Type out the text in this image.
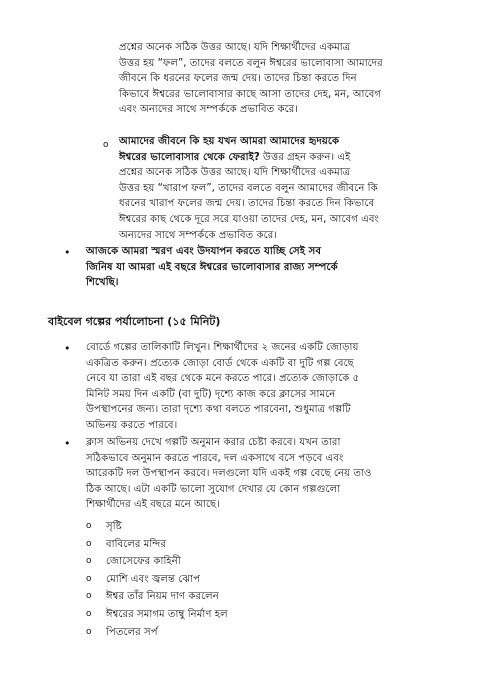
প্রশ্নের অনেক সঠিক উত্তর আছে। যদি শিক্ষার্থীদের একমাত্র
উত্তর হয় “ফল”, তাদের বলতে বলুন ঈশ্বরের ভালোবাসা আমাদের
জীবনে কি ধরনের ফলের জন্ম দেয়। তাদের চিন্তা করতে দিন
কিভাবে ঈশ্বরের ভালোবাসার কাছে আসা তাদের দেহ, মন, আবেগ
এবং অন্যদের সাথে সম্পর্ককে প্রভাবিত করে।
o আমাদের জীবনে কি হয় যখন আমরা আমাদের হৃদয়কে
ঈশ্বরের ভালোবাসার থেকে ফেরাই? উত্তর গ্রহন করুন। এই
প্রশ্নের অনেক সঠিক উত্তর আছে। যদি শিক্ষার্থীদের একমাত্র
উত্তর হয় “খারাপ ফল”, তাদের বলতে বলুন আমাদের জীবনে কি
ধরনের খারাপ ফলের জন্ম দেয়। তাদের চিন্তা করতে দিন কিভাবে
ঈশ্বরের কাছ থেকে দূরে সরে যাওয়া তাদের দেহ, মন, আবেগ এবং
অন্যদের সাথে সম্পর্ককে প্রভাবিত করে।
• আজকে আমরা স্মরণ এবং উদযাপন করতে যাচ্ছি সেই সব
জিনিষ যা আমরা এই বছরে ঈশ্বরের ভালোবাসার রাজ্য সম্পর্কে
শিখেছি।
বাইবেল গল্পের পর্যালোচনা (১৫ মিনিট)
• বোর্ডে গল্পের তালিকাটি লিখুন। শিক্ষার্থীদের ২ জনের একটি জোড়ায়
একত্রিত করুন। প্রত্যেক জোড়া বোর্ড থেকে একটি বা দুটি গল্প বেছে
নেবে যা তারা এই বছর থেকে মনে করতে পারে। প্রত্যেক জোড়াকে ৫
মিনিট সময় দিন একটি (বা দুটি) দৃশ্যে কাজ করে ক্লাসের সামনে
উপস্থাপনের জন্য। তারা দৃশ্যে কথা বলতে পারবেনা, শুধুমাত্র গল্পটি
অভিনয় করতে পারবে।
• ক্লাস অভিনয় দেখে গল্পটি অনুমান করার চেষ্টা করবে। যখন তারা
সঠিকভাবে অনুমান করতে পারবে, দল একসাথে বসে পড়বে এবং
আরেকটি দল উপস্থাপন করবে। দলগুলো যদি একই গল্প বেছে নেয় তাও
ঠিক আছে। এটা একটি ভালো সুযোগ দেখার যে কোন গল্পগুলো
শিক্ষার্থীদের এই বছরে মনে আছে।
o সৃষ্টি
o বাবিলের মন্দির
o জোসেফের কাহিনী
o মোশি এবং জ্বলন্ত ঝোপ
o ঈশ্বর তাঁর নিয়ম দাণ করলেন
o ঈশ্বরের সমাগম তাম্বু নির্মাণ হল
o পিতলের সর্প
